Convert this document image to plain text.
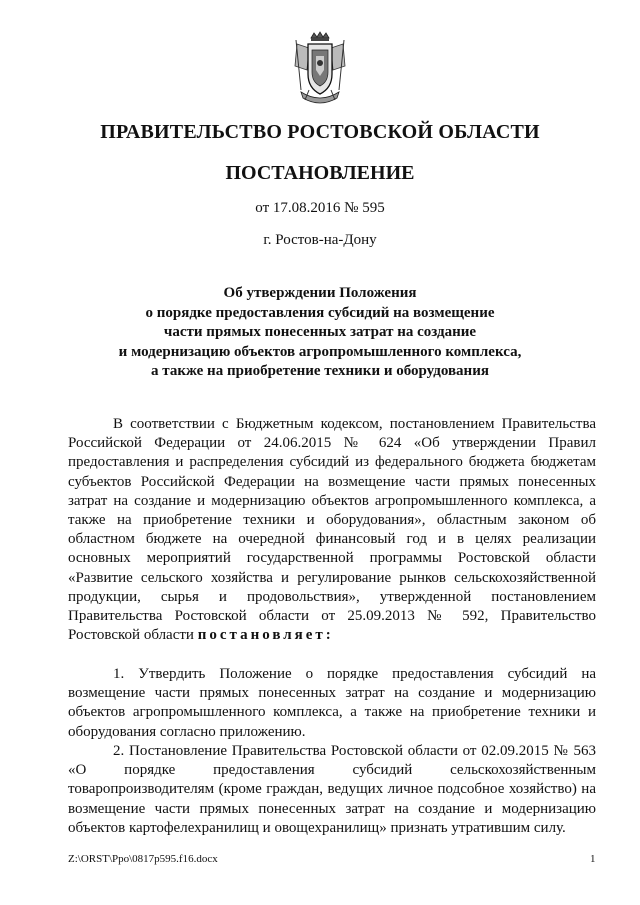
ПРАВИТЕЛЬСТВО РОСТОВСКОЙ ОБЛАСТИ
ПОСТАНОВЛЕНИЕ
от 17.08.2016 № 595
г. Ростов-на-Дону
Об утверждении Положения
о порядке предоставления субсидий на возмещение
части прямых понесенных затрат на создание
и модернизацию объектов агропромышленного комплекса,
а также на приобретение техники и оборудования
В соответствии с Бюджетным кодексом, постановлением Правительства Российской Федерации от 24.06.2015 № 624 «Об утверждении Правил предоставления и распределения субсидий из федерального бюджета бюджетам субъектов Российской Федерации на возмещение части прямых понесенных затрат на создание и модернизацию объектов агропромышленного комплекса, а также на приобретение техники и оборудования», областным законом об областном бюджете на очередной финансовый год и в целях реализации основных мероприятий государственной программы Ростовской области «Развитие сельского хозяйства и регулирование рынков сельскохозяйственной продукции, сырья и продовольствия», утвержденной постановлением Правительства Ростовской области от 25.09.2013 № 592, Правительство Ростовской области постановляет:
1. Утвердить Положение о порядке предоставления субсидий на возмещение части прямых понесенных затрат на создание и модернизацию объектов агропромышленного комплекса, а также на приобретение техники и оборудования согласно приложению.
2. Постановление Правительства Ростовской области от 02.09.2015 № 563 «О порядке предоставления субсидий сельскохозяйственным товаропроизводителям (кроме граждан, ведущих личное подсобное хозяйство) на возмещение части прямых понесенных затрат на создание и модернизацию объектов картофелехранилищ и овощехранилищ» признать утратившим силу.
Z:\ORST\Ppo\0817p595.f16.docx	1
